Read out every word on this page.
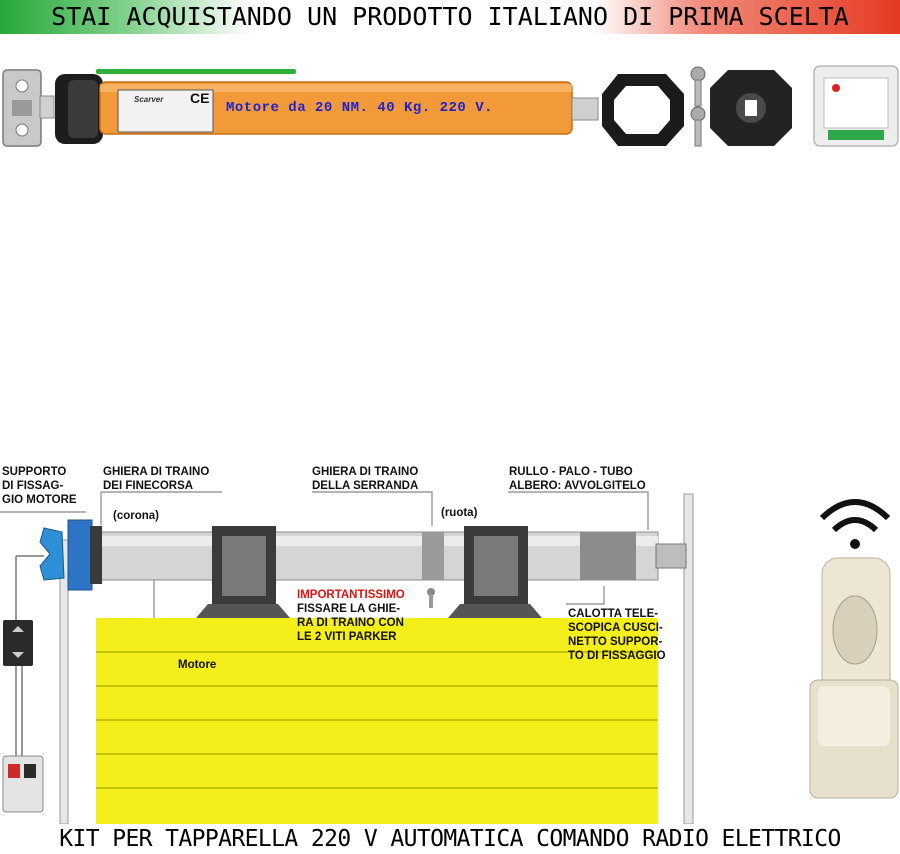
STAI ACQUISTANDO UN PRODOTTO ITALIANO DI PRIMA SCELTA
Scarver	CE
Motore da 20 NM. 40 Kg. 220 V.
SUPPORTO
DI FISSAG-
GIO MOTORE
GHIERA DI TRAINO
DEI FINECORSA
(corona)
GHIERA DI TRAINO
DELLA SERRANDA
(ruota)
RULLO - PALO - TUBO
ALBERO: AVVOLGITELO
IMPORTANTISSIMO
FISSARE LA GHIE-
RA DI TRAINO CON
LE 2 VITI PARKER
CALOTTA TELE-
SCOPICA CUSCI-
NETTO SUPPOR-
TO DI FISSAGGIO
Motore
KIT PER TAPPARELLA 220 V AUTOMATICA COMANDO RADIO ELETTRICO
